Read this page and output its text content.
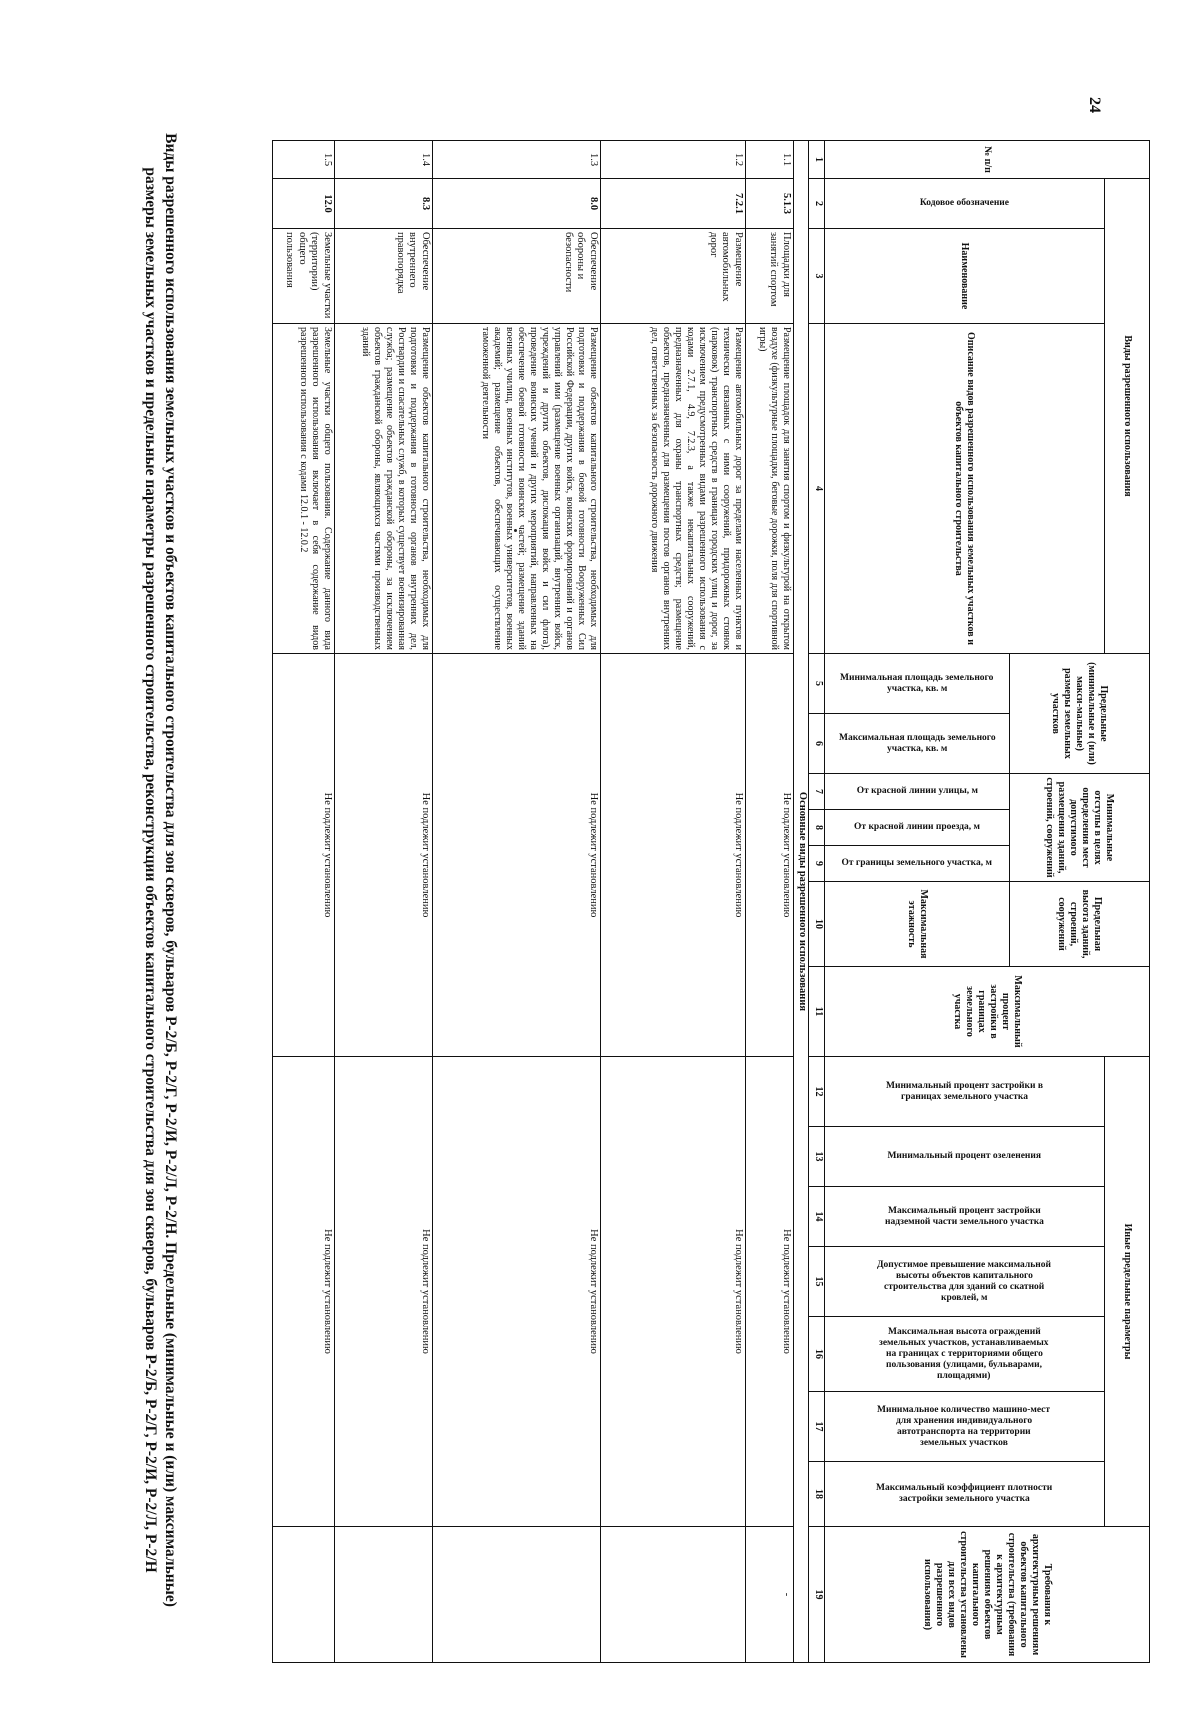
24
Виды разрешенного использования земельных участков и объектов капитального строительства для зон скверов, бульваров Р-2/Б, Р-2/Г, Р-2/И, Р-2/Л, Р-2/Н. Предельные (минимальные и (или) максимальные) размеры земельных участков и предельные параметры разрешенного строительства, реконструкции объектов капитального строительства для зон скверов, бульваров Р-2/Б, Р-2/Г, Р-2/И, Р-2/Л, Р-2/Н
№ п/п	Виды разрешенного использования			Предельные (минимальные и (или) макси-мальные) размеры земельных участков		Минимальные отступы в целях определения мест допустимого размещения зданий, строений, сооружений			Предельная высота зданий, строений, сооружений	Максимальный процент застройки в границах земельного участка	Иные предельные параметры							Требования к архитектурным решениям объектов капитального строительства (требования к архитектурным решениям объектов капитального строительства установлены для всех видов разрешенного использования)

	Кодовое обозначение	Наименование	Описание видов разрешенного использования земельных участков и объектов капитального строительства								Минимальный процент застройки в границах земельного участка	Минимальный процент озеленения	Максимальный процент застройки надземной части земельного участка	Допустимое превышение максимальной высоты объектов капитального строительства для зданий со скатной кровлей, м	Максимальная высота ограждений земельных участков, устанавливаемых на границах с территориями общего пользования (улицами, бульварами, площадями)	Минимальное количество машино-мест для хранения индивидуального автотранспорта на территории земельных участков	Максимальный коэффициент плотности застройки земельного участка	

				Минимальная площадь земельного участка, кв. м	Максимальная площадь земельного участка, кв. м	От красной линии улицы, м	От красной линии проезда, м	От границы земельного участка, м	Максимальная этажность									
1	2	3	4	5	6	7	8	9	10	11	12	13	14	15	16	17	18	19
Основные виды разрешенного использования																		
1.1	5.1.3	Площадки для занятий спортом	Размещение площадок для занятия спортом и физкультурой на открытом воздухе (физкультурные площадки, беговые дорожки, поля для спортивной игры)	Не подлежит установлению							Не подлежит установлению							-
1.2	7.2.1	Размещение автомобильных дорог	Размещение автомобильных дорог за пределами населенных пунктов и технически связанных с ними сооружений, придорожных стоянок (парковок) транспортных средств в границах городских улиц и дорог, за исключением предусмотренных видами разрешенного использования с кодами 2.7.1, 4.9, 7.2.3, а также некапитальных сооружений, предназначенных для охраны транспортных средств; размещение объектов, предназначенных для размещения постов органов внутренних дел, ответственных за безопасность дорожного движения	Не подлежит установлению							Не подлежит установлению							
1.3	8.0	Обеспечение обороны и безопасности	Размещение объектов капитального строительства, необходимых для подготовки и поддержания в боевой готовности Вооруженных Сил Российской Федерации, других войск, воинских формирований и органов управлений ими (размещение военных организаций, внутренних войск, учреждений и других объектов, дислокация войск и сил флота), проведение воинских учений и других мероприятий, направленных на обеспечение боевой готовности воинских частей; размещение зданий военных училищ, военных институтов, военных университетов, военных академий; размещение объектов, обеспечивающих осуществление таможенной деятельности	Не подлежит установлению							Не подлежит установлению							
1.4	8.3	Обеспечение внутреннего правопорядка	Размещение объектов капитального строительства, необходимых для подготовки и поддержания в готовности органов внутренних дел, Росгвардии и спасательных служб, в которых существует военизированная служба; размещение объектов гражданской обороны, за исключением объектов гражданской обороны, являющихся частями производственных зданий	Не подлежит установлению							Не подлежит установлению							
1.5	12.0	Земельные участки (территории) общего пользования	Земельные участки общего пользования. Содержание данного вида разрешенного использования включает в себя содержание видов разрешенного использования с кодами 12.0.1 - 12.0.2	Не подлежит установлению							Не подлежит установлению							
